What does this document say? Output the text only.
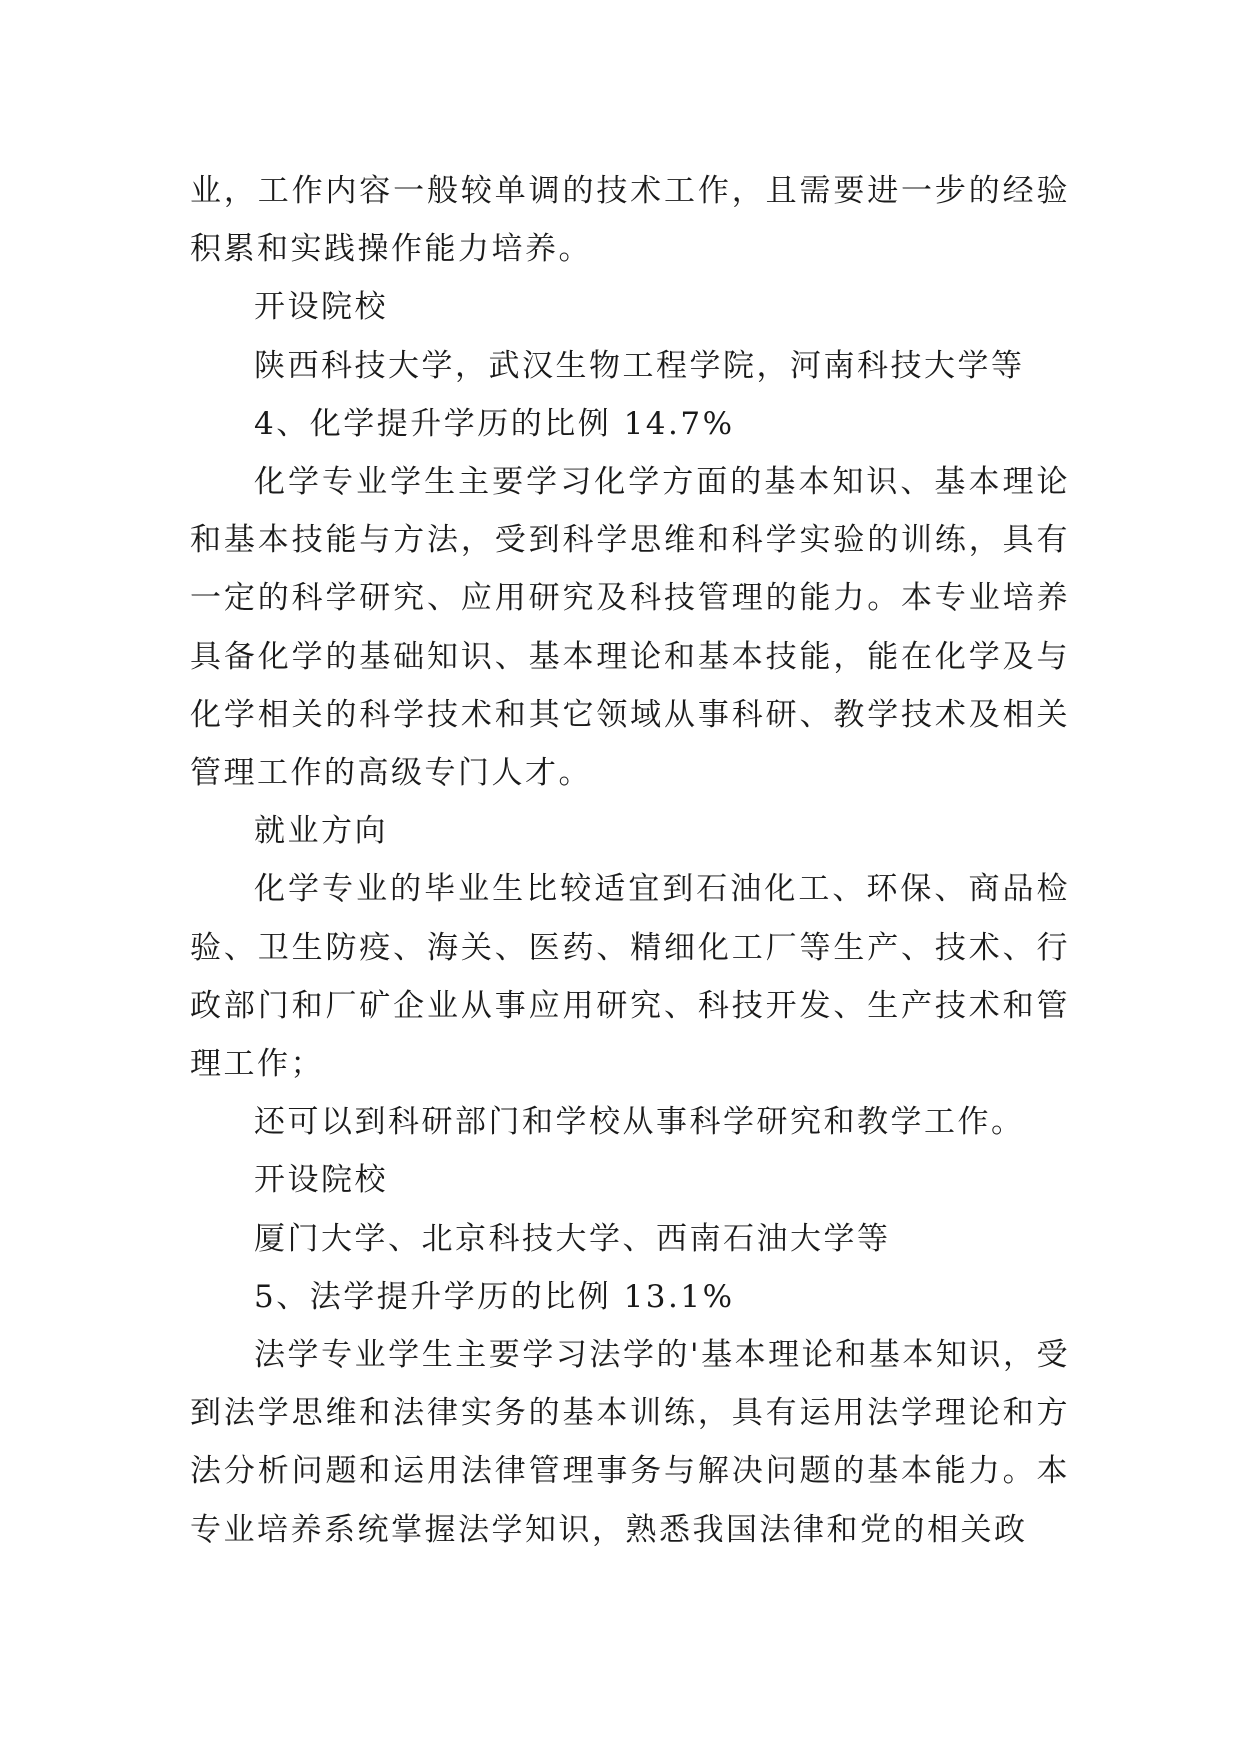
业，工作内容一般较单调的技术工作，且需要进一步的经验积累和实践操作能力培养。

开设院校

陕西科技大学，武汉生物工程学院，河南科技大学等

4、化学提升学历的比例 14.7%

化学专业学生主要学习化学方面的基本知识、基本理论和基本技能与方法，受到科学思维和科学实验的训练，具有一定的科学研究、应用研究及科技管理的能力。本专业培养具备化学的基础知识、基本理论和基本技能，能在化学及与化学相关的科学技术和其它领域从事科研、教学技术及相关管理工作的高级专门人才。

就业方向

化学专业的毕业生比较适宜到石油化工、环保、商品检验、卫生防疫、海关、医药、精细化工厂等生产、技术、行政部门和厂矿企业从事应用研究、科技开发、生产技术和管理工作；

还可以到科研部门和学校从事科学研究和教学工作。

开设院校

厦门大学、北京科技大学、西南石油大学等

5、法学提升学历的比例 13.1%

法学专业学生主要学习法学的'基本理论和基本知识，受到法学思维和法律实务的基本训练，具有运用法学理论和方法分析问题和运用法律管理事务与解决问题的基本能力。本专业培养系统掌握法学知识，熟悉我国法律和党的相关政
